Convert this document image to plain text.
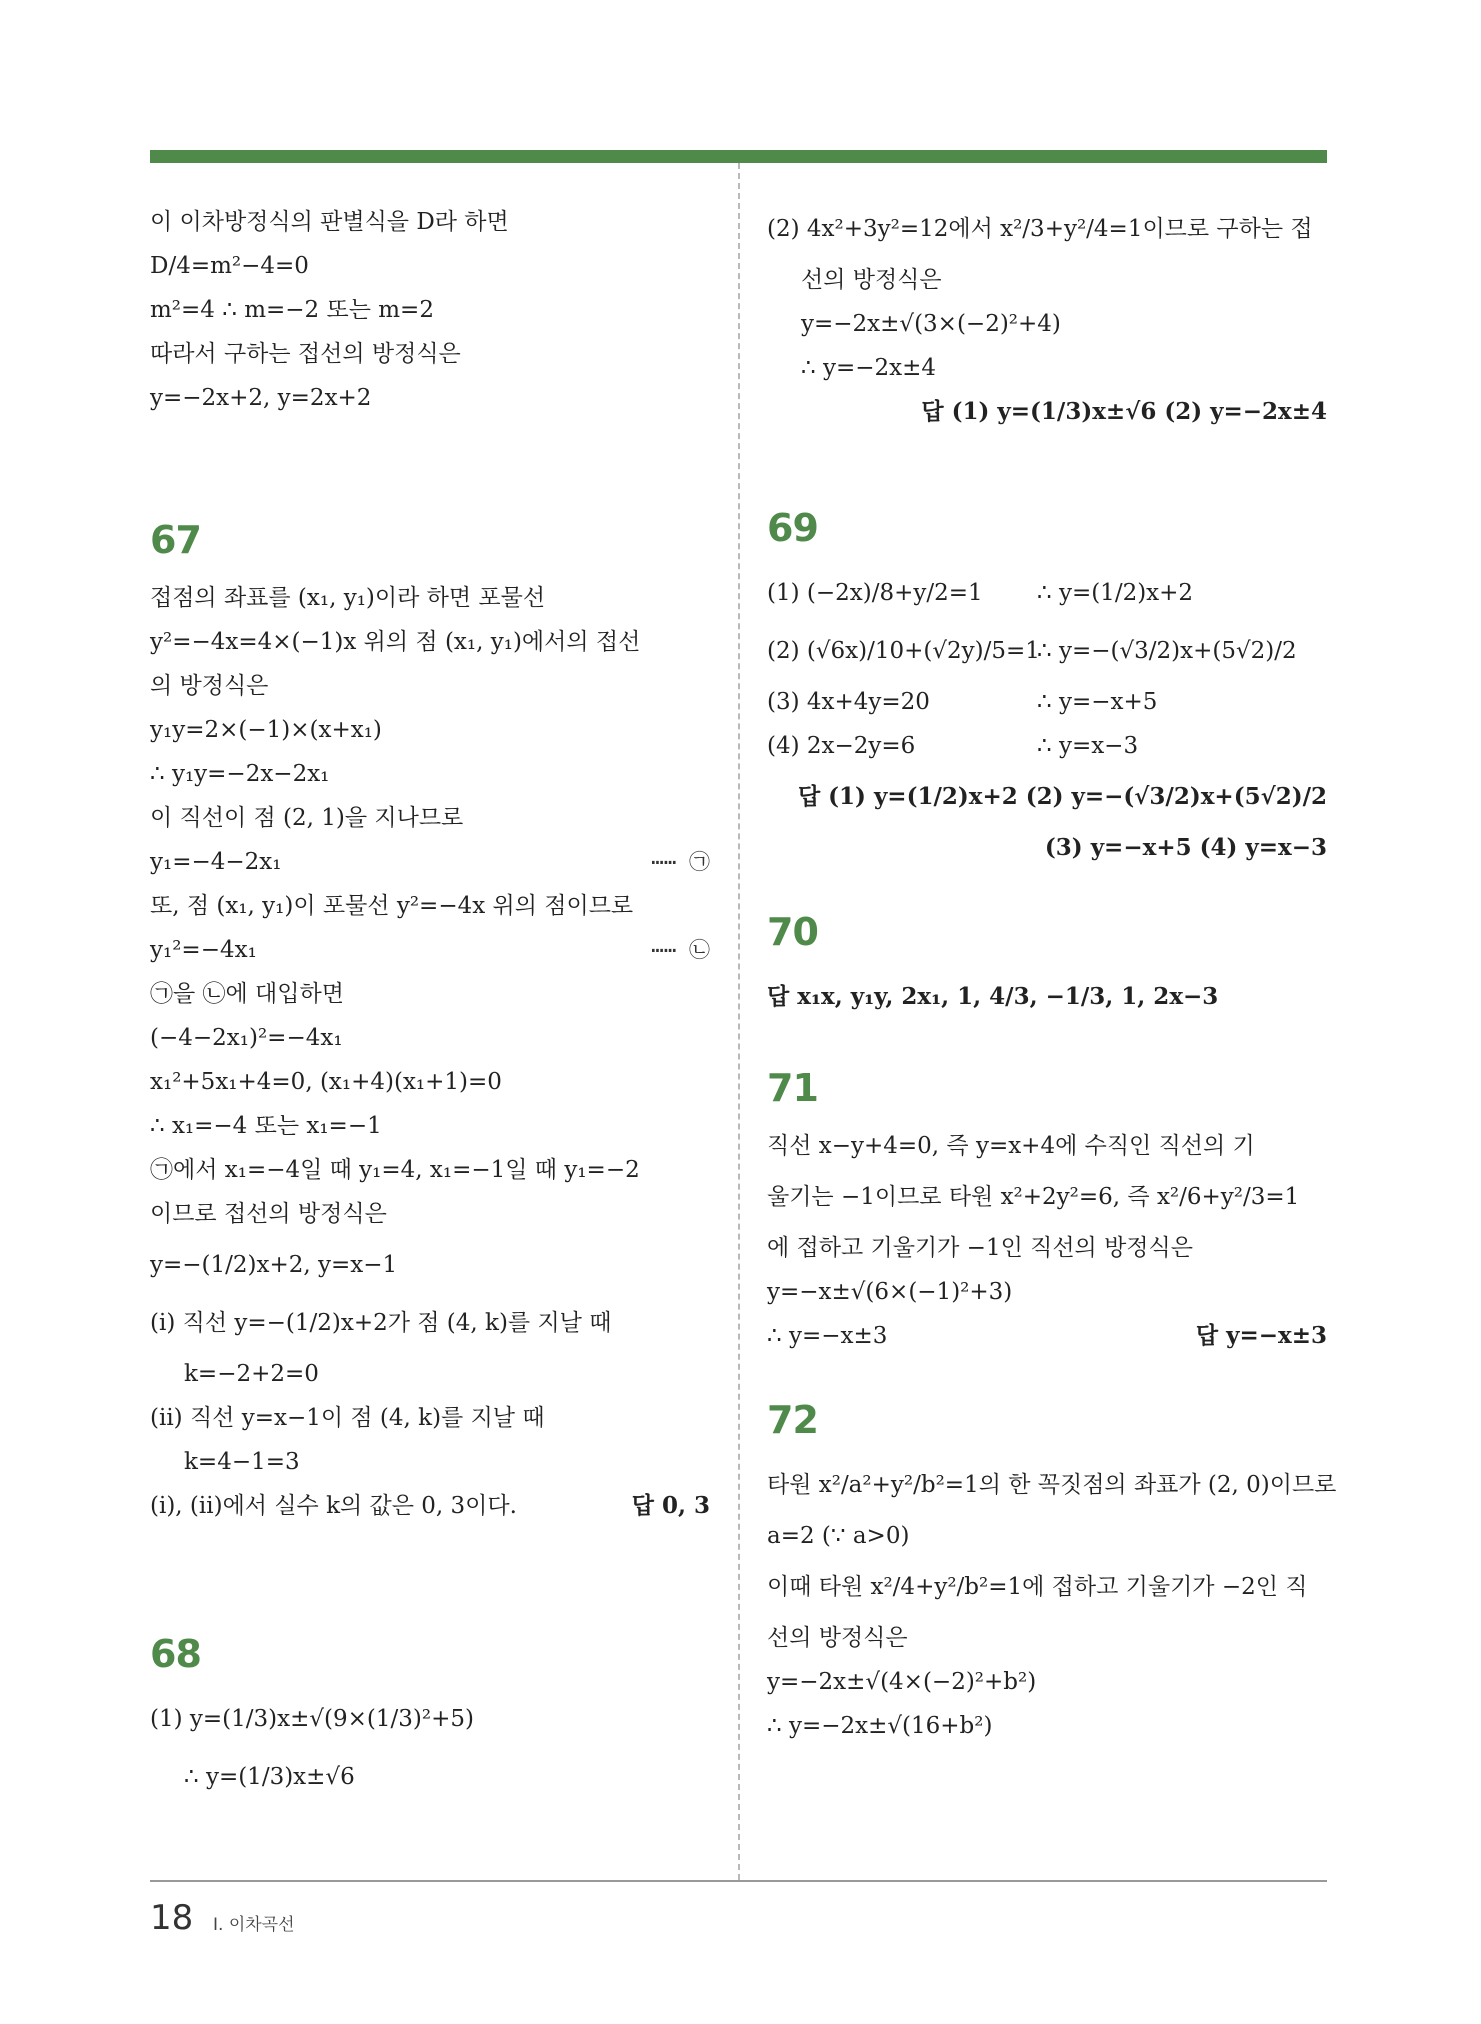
이 이차방정식의 판별식을 D라 하면
D/4=m²−4=0
m²=4 ∴ m=−2 또는 m=2
따라서 구하는 접선의 방정식은
y=−2x+2, y=2x+2
67
접점의 좌표를 (x₁, y₁)이라 하면 포물선
y²=−4x=4×(−1)x 위의 점 (x₁, y₁)에서의 접선
의 방정식은
y₁y=2×(−1)×(x+x₁)
∴ y₁y=−2x−2x₁
이 직선이 점 (2, 1)을 지나므로
y₁=−4−2x₁	⋯⋯ ㉠
또, 점 (x₁, y₁)이 포물선 y²=−4x 위의 점이므로
y₁²=−4x₁	⋯⋯ ㉡
㉠을 ㉡에 대입하면
(−4−2x₁)²=−4x₁
x₁²+5x₁+4=0, (x₁+4)(x₁+1)=0
∴ x₁=−4 또는 x₁=−1
㉠에서 x₁=−4일 때 y₁=4, x₁=−1일 때 y₁=−2
이므로 접선의 방정식은
y=−(1/2)x+2, y=x−1
(ⅰ) 직선 y=−(1/2)x+2가 점 (4, k)를 지날 때
k=−2+2=0
(ⅱ) 직선 y=x−1이 점 (4, k)를 지날 때
k=4−1=3
(ⅰ), (ⅱ)에서 실수 k의 값은 0, 3이다.	답 0, 3
68
(1) y=(1/3)x±√(9×(1/3)²+5)
∴ y=(1/3)x±√6
(2) 4x²+3y²=12에서 x²/3+y²/4=1이므로 구하는 접
선의 방정식은
y=−2x±√(3×(−2)²+4)
∴ y=−2x±4
답 (1) y=(1/3)x±√6 (2) y=−2x±4
69
(1) (−2x)/8+y/2=1	∴ y=(1/2)x+2
(2) (√6x)/10+(√2y)/5=1
∴ y=−(√3/2)x+(5√2)/2
(3) 4x+4y=20	∴ y=−x+5
(4) 2x−2y=6	∴ y=x−3
답 (1) y=(1/2)x+2 (2) y=−(√3/2)x+(5√2)/2
(3) y=−x+5 (4) y=x−3
70
답 x₁x, y₁y, 2x₁, 1, 4/3, −1/3, 1, 2x−3
71
직선 x−y+4=0, 즉 y=x+4에 수직인 직선의 기
울기는 −1이므로 타원 x²+2y²=6, 즉 x²/6+y²/3=1
에 접하고 기울기가 −1인 직선의 방정식은
y=−x±√(6×(−1)²+3)
∴ y=−x±3	답 y=−x±3
72
타원 x²/a²+y²/b²=1의 한 꼭짓점의 좌표가 (2, 0)이므로
a=2 (∵ a>0)
이때 타원 x²/4+y²/b²=1에 접하고 기울기가 −2인 직
선의 방정식은
y=−2x±√(4×(−2)²+b²)
∴ y=−2x±√(16+b²)
18 Ⅰ. 이차곡선
